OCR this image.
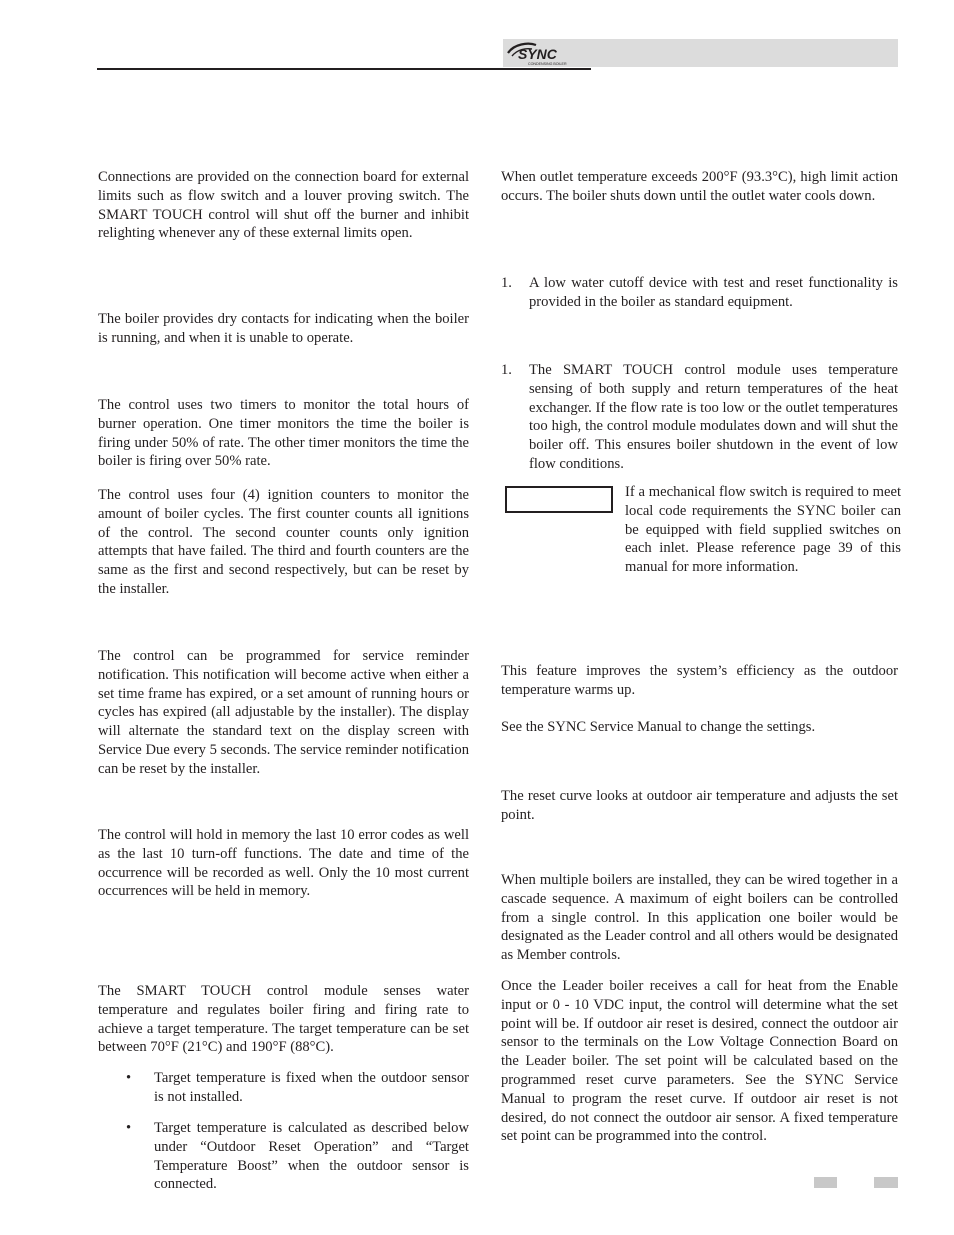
SYNC
CONDENSING BOILER

Connections are provided on the connection board for external limits such as flow switch and a louver proving switch. The SMART TOUCH control will shut off the burner and inhibit relighting whenever any of these external limits open.

The boiler provides dry contacts for indicating when the boiler is running, and when it is unable to operate.

The control uses two timers to monitor the total hours of burner operation. One timer monitors the time the boiler is firing under 50% of rate. The other timer monitors the time the boiler is firing over 50% rate.

The control uses four (4) ignition counters to monitor the amount of boiler cycles. The first counter counts all ignitions of the control. The second counter counts only ignition attempts that have failed. The third and fourth counters are the same as the first and second respectively, but can be reset by the installer.

The control can be programmed for service reminder notification. This notification will become active when either a set time frame has expired, or a set amount of running hours or cycles has expired (all adjustable by the installer). The display will alternate the standard text on the display screen with Service Due every 5 seconds. The service reminder notification can be reset by the installer.

The control will hold in memory the last 10 error codes as well as the last 10 turn-off functions. The date and time of the occurrence will be recorded as well. Only the 10 most current occurrences will be held in memory.

The SMART TOUCH control module senses water temperature and regulates boiler firing and firing rate to achieve a target temperature. The target temperature can be set between 70°F (21°C) and 190°F (88°C).

• Target temperature is fixed when the outdoor sensor is not installed.

• Target temperature is calculated as described below under “Outdoor Reset Operation” and “Target Temperature Boost” when the outdoor sensor is connected.

When outlet temperature exceeds 200°F (93.3°C), high limit action occurs. The boiler shuts down until the outlet water cools down.

1. A low water cutoff device with test and reset functionality is provided in the boiler as standard equipment.

1. The SMART TOUCH control module uses temperature sensing of both supply and return temperatures of the heat exchanger. If the flow rate is too low or the outlet temperatures too high, the control module modulates down and will shut the boiler off. This ensures boiler shutdown in the event of low flow conditions.

If a mechanical flow switch is required to meet local code requirements the SYNC boiler can be equipped with field supplied switches on each inlet. Please reference page 39 of this manual for more information.

This feature improves the system’s efficiency as the outdoor temperature warms up.

See the SYNC Service Manual to change the settings.

The reset curve looks at outdoor air temperature and adjusts the set point.

When multiple boilers are installed, they can be wired together in a cascade sequence. A maximum of eight boilers can be controlled from a single control. In this application one boiler would be designated as the Leader control and all others would be designated as Member controls.

Once the Leader boiler receives a call for heat from the Enable input or 0 - 10 VDC input, the control will determine what the set point will be. If outdoor air reset is desired, connect the outdoor air sensor to the terminals on the Low Voltage Connection Board on the Leader boiler. The set point will be calculated based on the programmed reset curve parameters. See the SYNC Service Manual to program the reset curve. If outdoor air reset is not desired, do not connect the outdoor air sensor. A fixed temperature set point can be programmed into the control.
